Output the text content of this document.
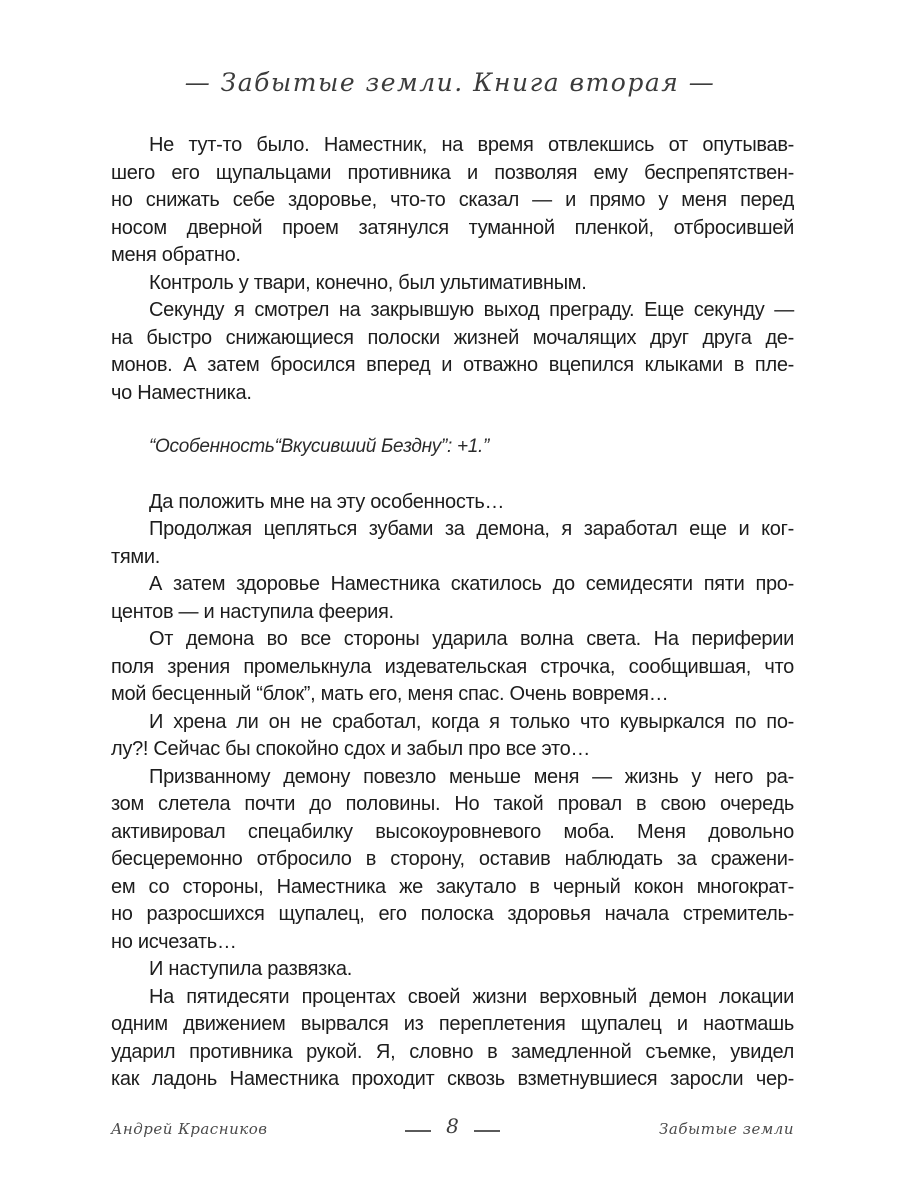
— Забытые земли. Книга вторая —
Не тут-то было. Наместник, на время отвлекшись от опутывав-
шего его щупальцами противника и позволяя ему беспрепятствен-
но снижать себе здоровье, что-то сказал — и прямо у меня перед
носом дверной проем затянулся туманной пленкой, отбросившей
меня обратно.
Контроль у твари, конечно, был ультимативным.
Секунду я смотрел на закрывшую выход преграду. Еще секунду —
на быстро снижающиеся полоски жизней мочалящих друг друга де-
монов. А затем бросился вперед и отважно вцепился клыками в пле-
чо Наместника.
“Особенность“Вкусивший Бездну”: +1.”
Да положить мне на эту особенность…
Продолжая цепляться зубами за демона, я заработал еще и ког-
тями.
А затем здоровье Наместника скатилось до семидесяти пяти про-
центов — и наступила феерия.
От демона во все стороны ударила волна света. На периферии
поля зрения промелькнула издевательская строчка, сообщившая, что
мой бесценный “блок”, мать его, меня спас. Очень вовремя…
И хрена ли он не сработал, когда я только что кувыркался по по-
лу?! Сейчас бы спокойно сдох и забыл про все это…
Призванному демону повезло меньше меня — жизнь у него ра-
зом слетела почти до половины. Но такой провал в свою очередь
активировал спецабилку высокоуровневого моба. Меня довольно
бесцеремонно отбросило в сторону, оставив наблюдать за сражени-
ем со стороны, Наместника же закутало в черный кокон многократ-
но разросшихся щупалец, его полоска здоровья начала стремитель-
но исчезать…
И наступила развязка.
На пятидесяти процентах своей жизни верховный демон локации
одним движением вырвался из переплетения щупалец и наотмашь
ударил противника рукой. Я, словно в замедленной съемке, увидел
как ладонь Наместника проходит сквозь взметнувшиеся заросли чер-
Андрей Красников	8	Забытые земли
